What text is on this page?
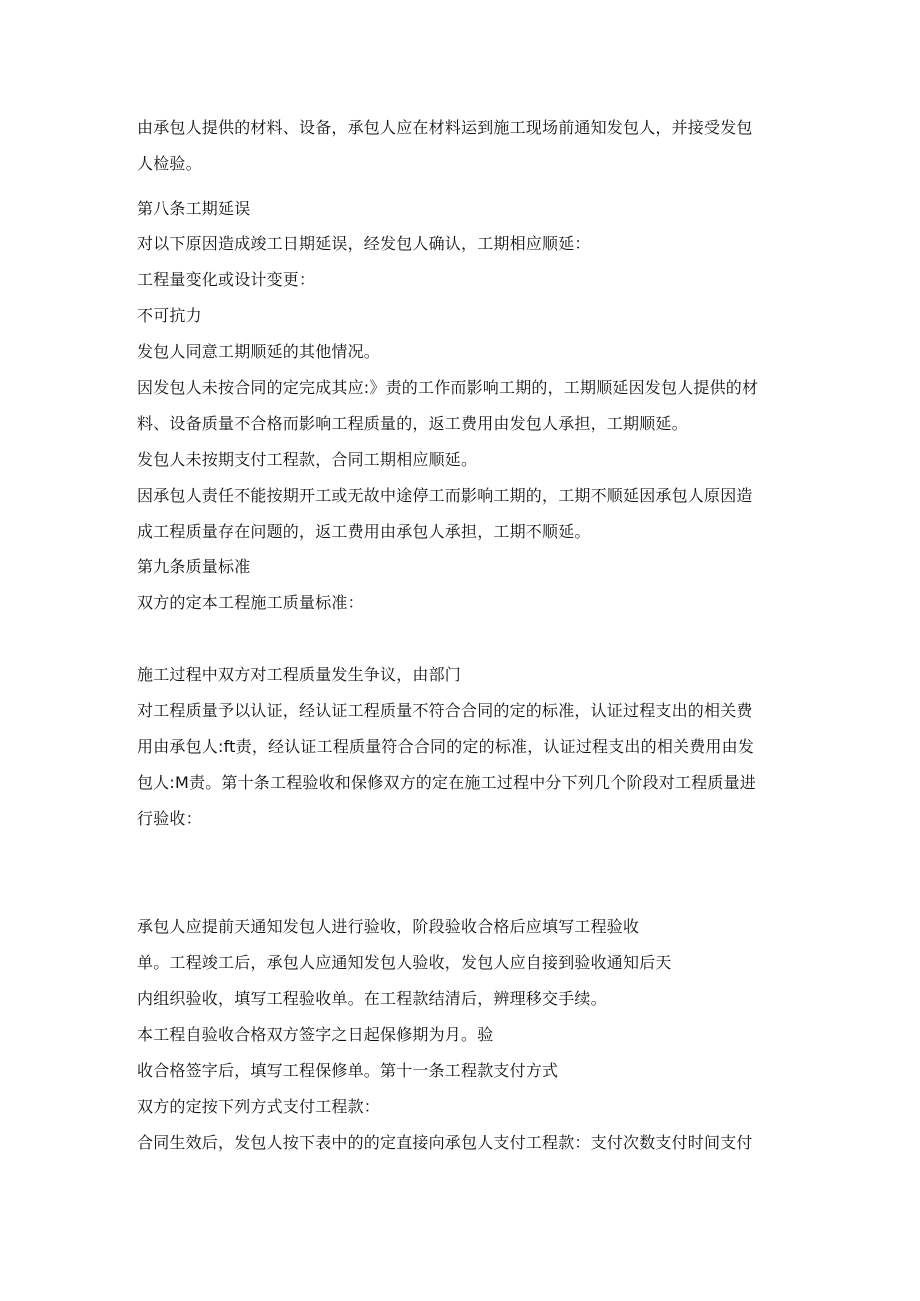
由承包人提供的材料、设备，承包人应在材料运到施工现场前通知发包人，并接受发包
人检验。
第八条工期延误
对以下原因造成竣工日期延误，经发包人确认，工期相应顺延：
工程量变化或设计变更：
不可抗力
发包人同意工期顺延的其他情况。
因发包人未按合同的定完成其应:》责的工作而影响工期的，工期顺延因发包人提供的材
料、设备质量不合格而影响工程质量的，返工费用由发包人承担，工期顺延。
发包人未按期支付工程款，合同工期相应顺延。
因承包人责任不能按期开工或无故中途停工而影响工期的，工期不顺延因承包人原因造
成工程质量存在问题的，返工费用由承包人承担，工期不顺延。
第九条质量标准
双方的定本工程施工质量标准：
施工过程中双方对工程质量发生争议，由部门
对工程质量予以认证，经认证工程质量不符合合同的定的标准，认证过程支出的相关费
用由承包人:ft责，经认证工程质量符合合同的定的标准，认证过程支出的相关费用由发
包人:M责。第十条工程验收和保修双方的定在施工过程中分下列几个阶段对工程质量进
行验收：
承包人应提前天通知发包人进行验收，阶段验收合格后应填写工程验收
单。工程竣工后，承包人应通知发包人验收，发包人应自接到验收通知后天
内组织验收，填写工程验收单。在工程款结清后，辨理移交手续。
本工程自验收合格双方签字之日起保修期为月。验
收合格签字后，填写工程保修单。第十一条工程款支付方式
双方的定按下列方式支付工程款：
合同生效后，发包人按下表中的的定直接向承包人支付工程款：支付次数支付时间支付
